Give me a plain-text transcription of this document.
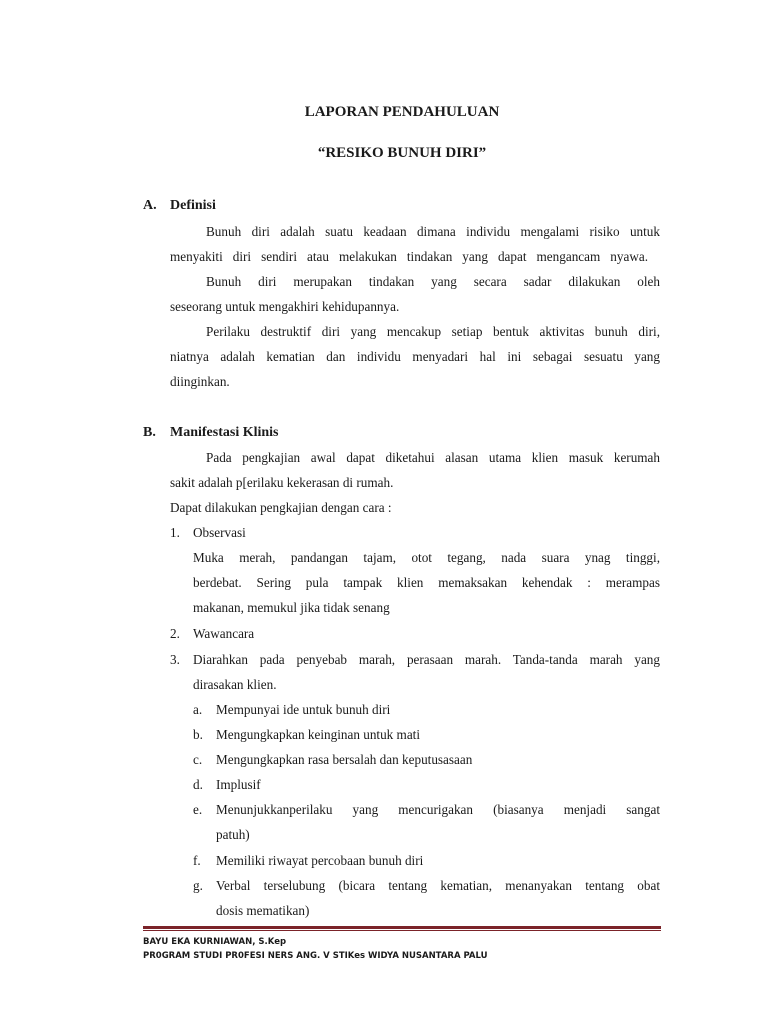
LAPORAN PENDAHULUAN
“RESIKO BUNUH DIRI”
A. Definisi
Bunuh diri adalah suatu keadaan dimana individu mengalami risiko untuk
menyakiti diri sendiri atau melakukan tindakan yang dapat mengancam nyawa.
Bunuh diri merupakan tindakan yang secara sadar dilakukan oleh
seseorang untuk mengakhiri kehidupannya.
Perilaku destruktif diri yang mencakup setiap bentuk aktivitas bunuh diri,
niatnya adalah kematian dan individu menyadari hal ini sebagai sesuatu yang
diinginkan.
B. Manifestasi Klinis
Pada pengkajian awal dapat diketahui alasan utama klien masuk kerumah
sakit adalah p[erilaku kekerasan di rumah.
Dapat dilakukan pengkajian dengan cara :
1. Observasi
Muka merah, pandangan tajam, otot tegang, nada suara ynag tinggi,
berdebat. Sering pula tampak klien memaksakan kehendak : merampas
makanan, memukul jika tidak senang
2. Wawancara
3. Diarahkan pada penyebab marah, perasaan marah. Tanda-tanda marah yang
dirasakan klien.
a. Mempunyai ide untuk bunuh diri
b. Mengungkapkan keinginan untuk mati
c. Mengungkapkan rasa bersalah dan keputusasaan
d. Implusif
e. Menunjukkanperilaku yang mencurigakan (biasanya menjadi sangat
patuh)
f. Memiliki riwayat percobaan bunuh diri
g. Verbal terselubung (bicara tentang kematian, menanyakan tentang obat
dosis mematikan)
BAYU EKA KURNIAWAN, S.Kep
PR0GRAM STUDI PR0FESI NERS ANG. V STIKes WIDYA NUSANTARA PALU
